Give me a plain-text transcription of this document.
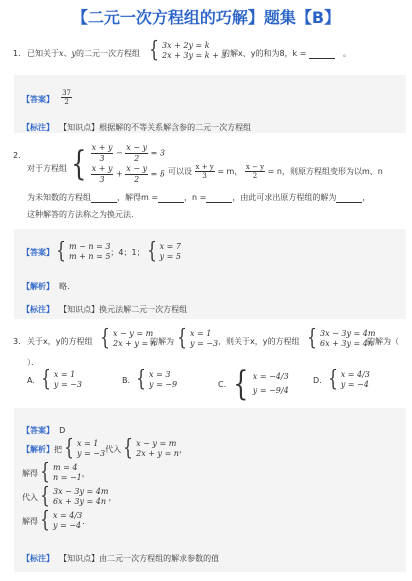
【二元一次方程组的巧解】题集【B】
1. 已知关于x、y的二元一次方程组 { 3x + 2y = k
2x + 3y = k + 3
的解x、y的和为8，k =	。
【答案】 $\frac{37}{2}$
【标注】 【知识点】根据解的不等关系解含参的二元一次方程组
2.
对于方程组 { $\frac{x + y}{3} - \frac{x - y}{2} = 3$
$\frac{x + y}{3} + \frac{x - y}{2} = 5$
，可以设 $\frac{x + y}{3} = m$， $\frac{x - y}{2} = n$，则原方程组变形为以m、n
为未知数的方程组	，解得m =	，n =	，由此可求出原方程组的解为	，
这种解答的方法称之为换元法．
【答案】 { m − n = 3
m + n = 5 ；4；1； { x = 7
y = 5
【解析】 略．
【标注】 【知识点】换元法解二元一次方程组
3. 关于x，y的方程组 { x − y = m
2x + y = n
的解为 { x = 1
y = −3 ，则关于x，y的方程组 { 3x − 3y = 4m
6x + 3y = 4n
的解为（
）．
A. { x = 1
y = −3	B. { x = 3
y = −9	C. { x = −4/3
y = −9/4
D. { x = 4/3
y = −4
【答案】 D
【解析】 把 { x = 1
y = −3 代入 { x − y = m
2x + y = n ，
解得 { m = 4
n = −1 ，
代入 { 3x − 3y = 4m
6x + 3y = 4n ，
解得 { x = 4/3
y = −4 ．
【标注】 【知识点】由二元一次方程组的解求参数的值
